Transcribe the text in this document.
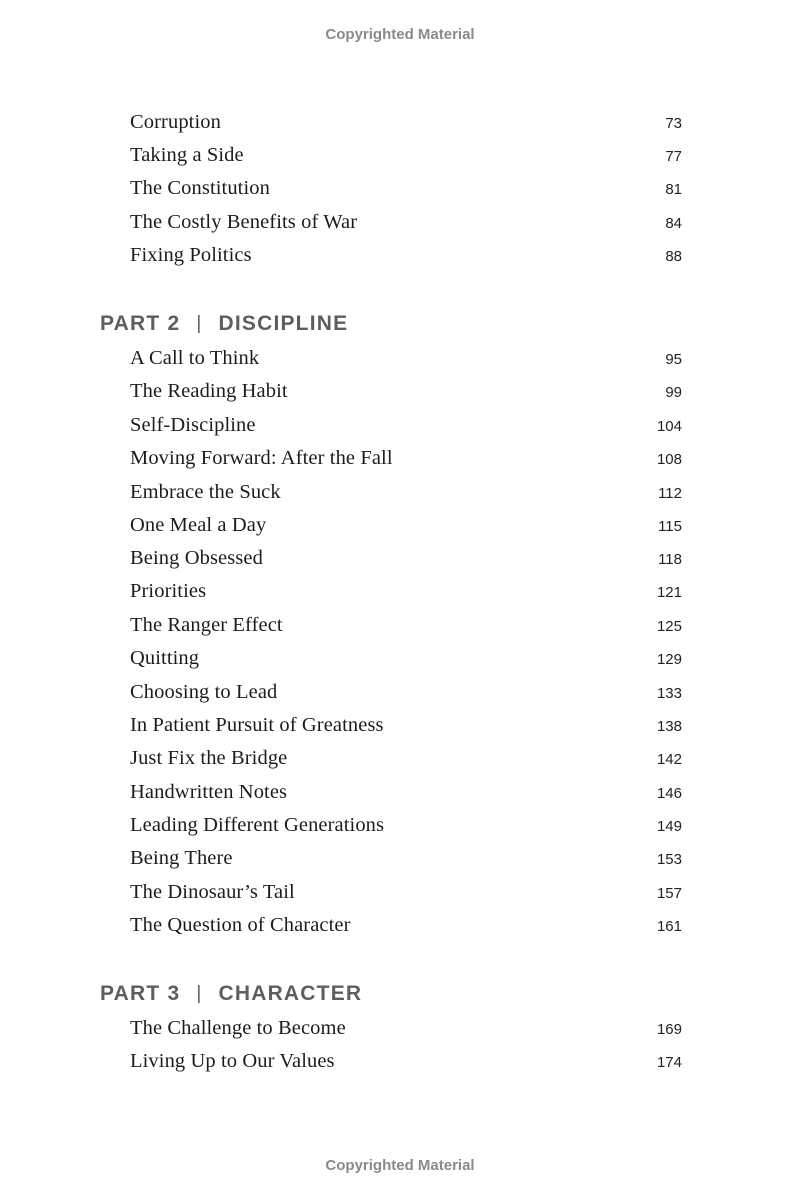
Copyrighted Material
Corruption	73
Taking a Side	77
The Constitution	81
The Costly Benefits of War	84
Fixing Politics	88
PART 2 | DISCIPLINE
A Call to Think	95
The Reading Habit	99
Self-Discipline	104
Moving Forward: After the Fall	108
Embrace the Suck	112
One Meal a Day	115
Being Obsessed	118
Priorities	121
The Ranger Effect	125
Quitting	129
Choosing to Lead	133
In Patient Pursuit of Greatness	138
Just Fix the Bridge	142
Handwritten Notes	146
Leading Different Generations	149
Being There	153
The Dinosaur’s Tail	157
The Question of Character	161
PART 3 | CHARACTER
The Challenge to Become	169
Living Up to Our Values	174
Copyrighted Material
